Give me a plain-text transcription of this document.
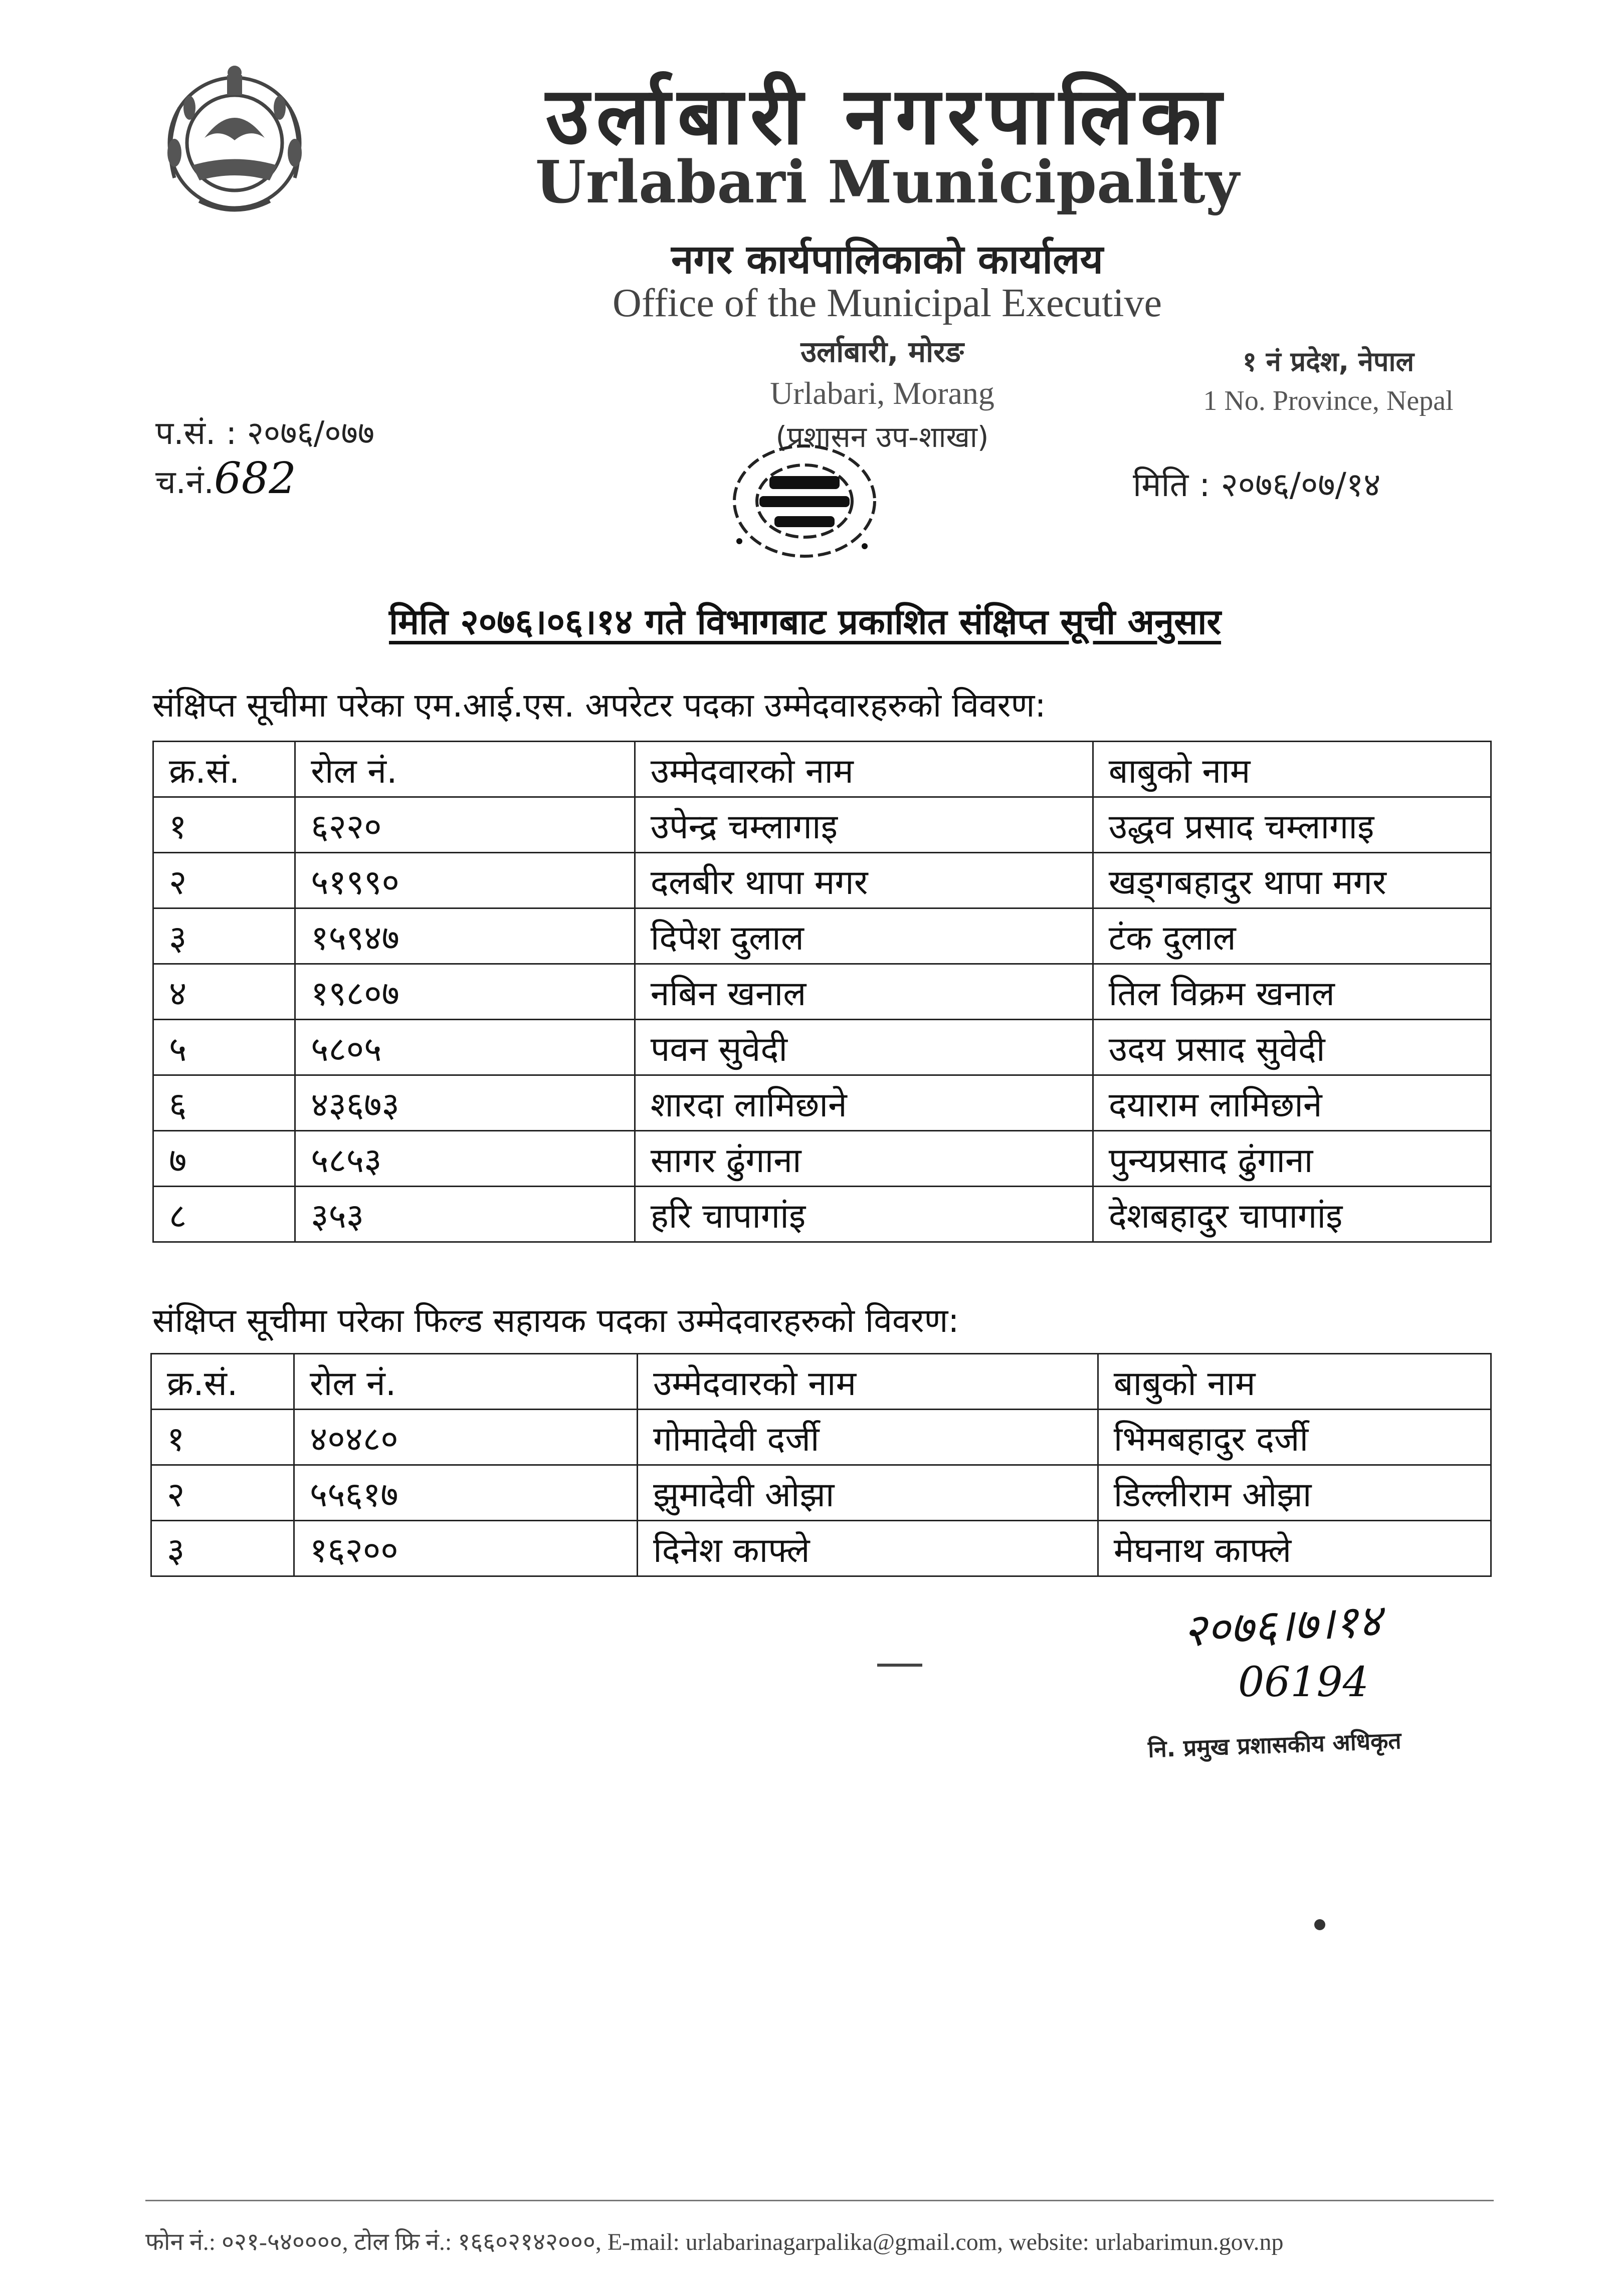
उर्लाबारी नगरपालिका
Urlabari Municipality
नगर कार्यपालिकाको कार्यालय
Office of the Municipal Executive
उर्लाबारी, मोरङ
Urlabari, Morang
(प्रशासन उप-शाखा)
१ नं प्रदेश, नेपाल
1 No. Province, Nepal
प.सं. : २०७६/०७७
च.नं.682	मिति : २०७६/०७/१४
मिति २०७६।०६।१४ गते विभागबाट प्रकाशित संक्षिप्त सूची अनुसार
संक्षिप्त सूचीमा परेका एम.आई.एस. अपरेटर पदका उम्मेदवारहरुको विवरण:
क्र.सं.	रोल नं.	उम्मेदवारको नाम	बाबुको नाम
१	६२२०	उपेन्द्र चम्लागाइ	उद्धव प्रसाद चम्लागाइ
२	५१९९०	दलबीर थापा मगर	खड्गबहादुर थापा मगर
३	१५९४७	दिपेश दुलाल	टंक दुलाल
४	१९८०७	नबिन खनाल	तिल विक्रम खनाल
५	५८०५	पवन सुवेदी	उदय प्रसाद सुवेदी
६	४३६७३	शारदा लामिछाने	दयाराम लामिछाने
७	५८५३	सागर ढुंगाना	पुन्यप्रसाद ढुंगाना
८	३५३	हरि चापागांइ	देशबहादुर चापागांइ
संक्षिप्त सूचीमा परेका फिल्ड सहायक पदका उम्मेदवारहरुको विवरण:
क्र.सं.	रोल नं.	उम्मेदवारको नाम	बाबुको नाम
१	४०४८०	गोमादेवी दर्जी	भिमबहादुर दर्जी
२	५५६१७	झुमादेवी ओझा	डिल्लीराम ओझा
३	१६२००	दिनेश काफ्ले	मेघनाथ काफ्ले
२०७६।७।१४
06194
नि. प्रमुख प्रशासकीय अधिकृत
फोन नं.: ०२१-५४००००, टोल फ्रि नं.: १६६०२१४२०००, E-mail: urlabarinagarpalika@gmail.com, website: urlabarimun.gov.np
